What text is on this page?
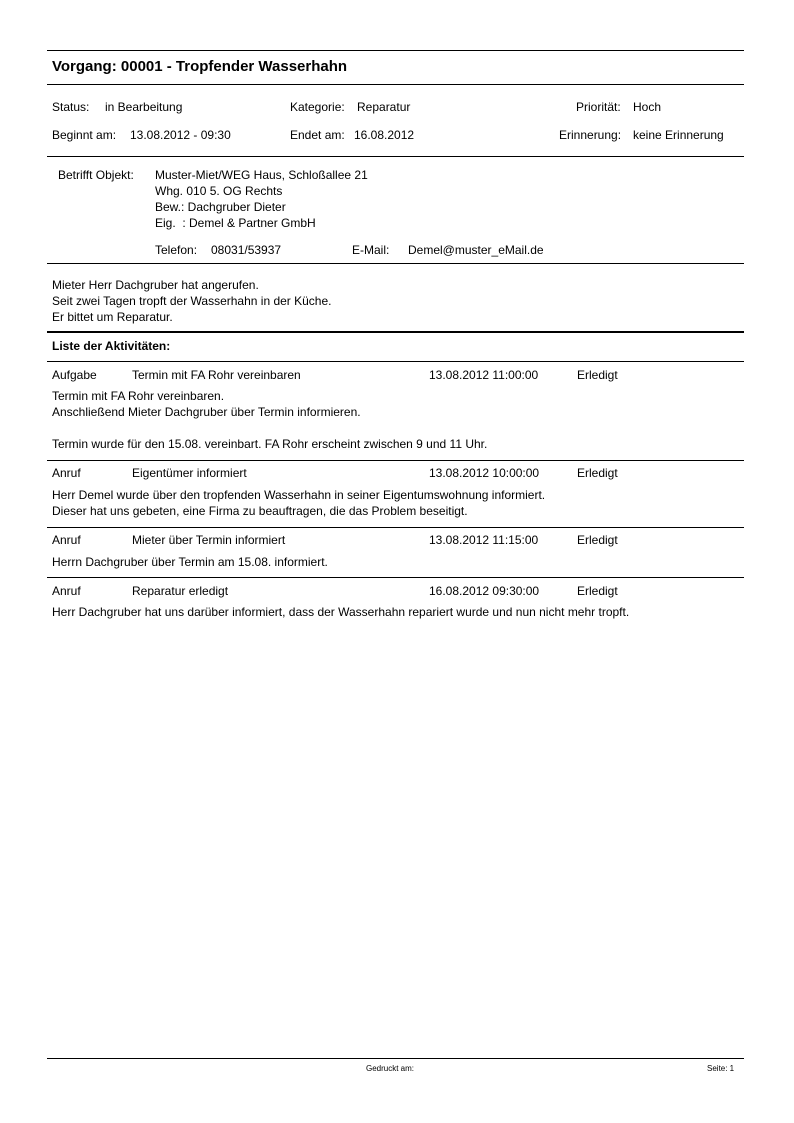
Vorgang: 00001 - Tropfender Wasserhahn
Status: in Bearbeitung	Kategorie: Reparatur	Priorität: Hoch
Beginnt am: 13.08.2012 - 09:30	Endet am: 16.08.2012	Erinnerung: keine Erinnerung
Betrifft Objekt: Muster-Miet/WEG Haus, Schloßallee 21
Whg. 010 5. OG Rechts
Bew.: Dachgruber Dieter
Eig.  : Demel & Partner GmbH
Telefon: 08031/53937	E-Mail: Demel@muster_eMail.de
Mieter Herr Dachgruber hat angerufen.
Seit zwei Tagen tropft der Wasserhahn in der Küche.
Er bittet um Reparatur.
Liste der Aktivitäten:
Aufgabe	Termin mit FA Rohr vereinbaren	13.08.2012 11:00:00	Erledigt
Termin mit FA Rohr vereinbaren.
Anschließend Mieter Dachgruber über Termin informieren.
Termin wurde für den 15.08. vereinbart. FA Rohr erscheint zwischen 9 und 11 Uhr.
Anruf	Eigentümer informiert	13.08.2012 10:00:00	Erledigt
Herr Demel wurde über den tropfenden Wasserhahn in seiner Eigentumswohnung informiert.
Dieser hat uns gebeten, eine Firma zu beauftragen, die das Problem beseitigt.
Anruf	Mieter über Termin informiert	13.08.2012 11:15:00	Erledigt
Herrn Dachgruber über Termin am 15.08. informiert.
Anruf	Reparatur erledigt	16.08.2012 09:30:00	Erledigt
Herr Dachgruber hat uns darüber informiert, dass der Wasserhahn repariert wurde und nun nicht mehr tropft.
Gedruckt am:	Seite: 1
